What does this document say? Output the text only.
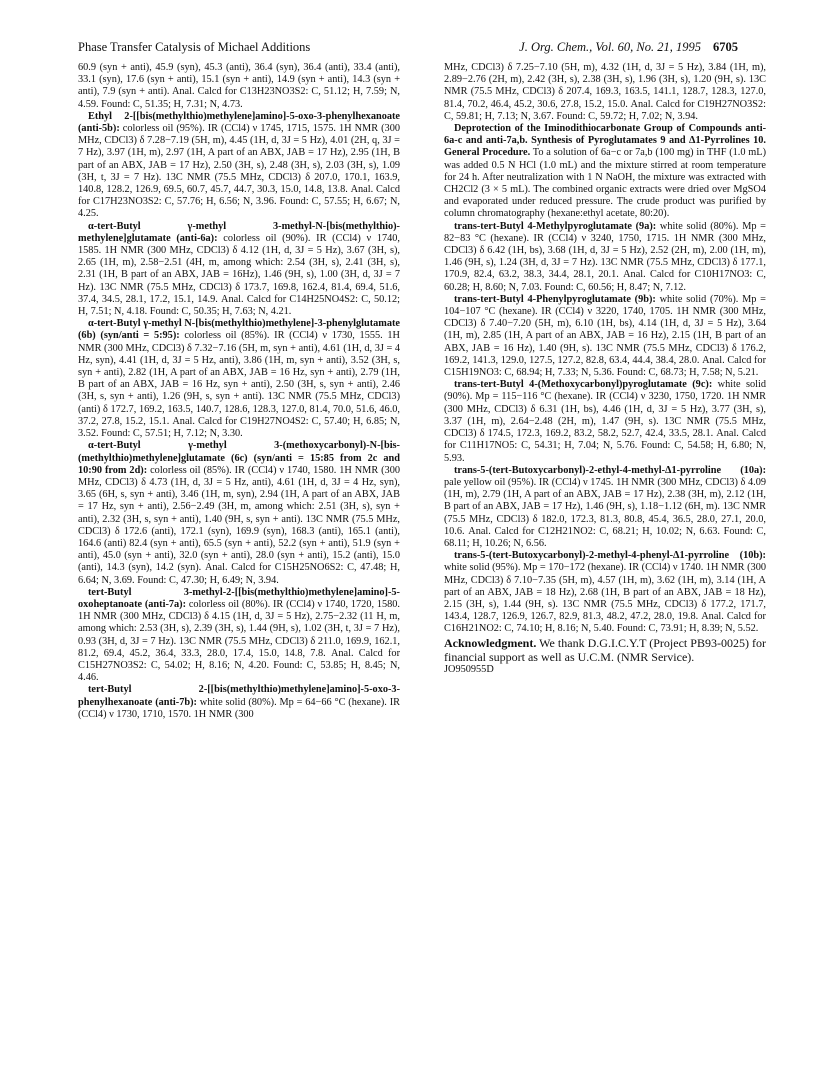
Phase Transfer Catalysis of Michael Additions	J. Org. Chem., Vol. 60, No. 21, 1995 6705

60.9 (syn + anti), 45.9 (syn), 45.3 (anti), 36.4 (syn), 36.4 (anti), 33.4 (anti), 33.1 (syn), 17.6 (syn + anti), 15.1 (syn + anti), 14.9 (syn + anti), 14.3 (syn + anti), 7.9 (syn + anti). Anal. Calcd for C13H23NO3S2: C, 51.12; H, 7.59; N, 4.59. Found: C, 51.35; H, 7.31; N, 4.73.

Ethyl 2-[[bis(methylthio)methylene]amino]-5-oxo-3-phenylhexanoate (anti-5b): colorless oil (95%). IR (CCl4) ν 1745, 1715, 1575. 1H NMR (300 MHz, CDCl3) δ 7.28−7.19 (5H, m), 4.45 (1H, d, 3J = 5 Hz), 4.01 (2H, q, 3J = 7 Hz), 3.97 (1H, m), 2.97 (1H, A part of an ABX, JAB = 17 Hz), 2.95 (1H, B part of an ABX, JAB = 17 Hz), 2.50 (3H, s), 2.48 (3H, s), 2.03 (3H, s), 1.09 (3H, t, 3J = 7 Hz). 13C NMR (75.5 MHz, CDCl3) δ 207.0, 170.1, 163.9, 140.8, 128.2, 126.9, 69.5, 60.7, 45.7, 44.7, 30.3, 15.0, 14.8, 13.8. Anal. Calcd for C17H23NO3S2: C, 57.76; H, 6.56; N, 3.96. Found: C, 57.55; H, 6.67; N, 4.25.

α-tert-Butyl γ-methyl 3-methyl-N-[bis(methylthio)-methylene]glutamate (anti-6a): colorless oil (90%). IR (CCl4) ν 1740, 1585. 1H NMR (300 MHz, CDCl3) δ 4.12 (1H, d, 3J = 5 Hz), 3.67 (3H, s), 2.65 (1H, m), 2.58−2.51 (4H, m, among which: 2.54 (3H, s), 2.41 (3H, s), 2.31 (1H, B part of an ABX, JAB = 16Hz), 1.46 (9H, s), 1.00 (3H, d, 3J = 7 Hz). 13C NMR (75.5 MHz, CDCl3) δ 173.7, 169.8, 162.4, 81.4, 69.4, 51.6, 37.4, 34.5, 28.1, 17.2, 15.1, 14.9. Anal. Calcd for C14H25NO4S2: C, 50.12; H, 7.51; N, 4.18. Found: C, 50.35; H, 7.63; N, 4.21.

α-tert-Butyl γ-methyl N-[bis(methylthio)methylene]-3-phenylglutamate (6b) (syn/anti = 5:95): colorless oil (85%). IR (CCl4) ν 1730, 1555. 1H NMR (300 MHz, CDCl3) δ 7.32−7.16 (5H, m, syn + anti), 4.61 (1H, d, 3J = 4 Hz, syn), 4.41 (1H, d, 3J = 5 Hz, anti), 3.86 (1H, m, syn + anti), 3.52 (3H, s, syn + anti), 2.82 (1H, A part of an ABX, JAB = 16 Hz, syn + anti), 2.79 (1H, B part of an ABX, JAB = 16 Hz, syn + anti), 2.50 (3H, s, syn + anti), 2.46 (3H, s, syn + anti), 1.26 (9H, s, syn + anti). 13C NMR (75.5 MHz, CDCl3) (anti) δ 172.7, 169.2, 163.5, 140.7, 128.6, 128.3, 127.0, 81.4, 70.0, 51.6, 46.0, 37.2, 27.8, 15.2, 15.1. Anal. Calcd for C19H27NO4S2: C, 57.40; H, 6.85; N, 3.52. Found: C, 57.51; H, 7.12; N, 3.30.

α-tert-Butyl γ-methyl 3-(methoxycarbonyl)-N-[bis-(methylthio)methylene]glutamate (6c) (syn/anti = 15:85 from 2c and 10:90 from 2d): colorless oil (85%). IR (CCl4) ν 1740, 1580. 1H NMR (300 MHz, CDCl3) δ 4.73 (1H, d, 3J = 5 Hz, anti), 4.61 (1H, d, 3J = 4 Hz, syn), 3.65 (6H, s, syn + anti), 3.46 (1H, m, syn), 2.94 (1H, A part of an ABX, JAB = 17 Hz, syn + anti), 2.56−2.49 (3H, m, among which: 2.51 (3H, s), syn + anti), 2.32 (3H, s, syn + anti), 1.40 (9H, s, syn + anti). 13C NMR (75.5 MHz, CDCl3) δ 172.6 (anti), 172.1 (syn), 169.9 (syn), 168.3 (anti), 165.1 (anti), 164.6 (anti) 82.4 (syn + anti), 65.5 (syn + anti), 52.2 (syn + anti), 51.9 (syn + anti), 45.0 (syn + anti), 32.0 (syn + anti), 28.0 (syn + anti), 15.2 (anti), 15.0 (anti), 14.3 (syn), 14.2 (syn). Anal. Calcd for C15H25NO6S2: C, 47.48; H, 6.64; N, 3.69. Found: C, 47.30; H, 6.49; N, 3.94.

tert-Butyl 3-methyl-2-[[bis(methylthio)methylene]amino]-5-oxoheptanoate (anti-7a): colorless oil (80%). IR (CCl4) ν 1740, 1720, 1580. 1H NMR (300 MHz, CDCl3) δ 4.15 (1H, d, 3J = 5 Hz), 2.75−2.32 (11 H, m, among which: 2.53 (3H, s), 2.39 (3H, s), 1.44 (9H, s), 1.02 (3H, t, 3J = 7 Hz), 0.93 (3H, d, 3J = 7 Hz). 13C NMR (75.5 MHz, CDCl3) δ 211.0, 169.9, 162.1, 81.2, 69.4, 45.2, 36.4, 33.3, 28.0, 17.4, 15.0, 14.8, 7.8. Anal. Calcd for C15H27NO3S2: C, 54.02; H, 8.16; N, 4.20. Found: C, 53.85; H, 8.45; N, 4.46.

tert-Butyl 2-[[bis(methylthio)methylene]amino]-5-oxo-3-phenylhexanoate (anti-7b): white solid (80%). Mp = 64−66 °C (hexane). IR (CCl4) ν 1730, 1710, 1570. 1H NMR (300

MHz, CDCl3) δ 7.25−7.10 (5H, m), 4.32 (1H, d, 3J = 5 Hz), 3.84 (1H, m), 2.89−2.76 (2H, m), 2.42 (3H, s), 2.38 (3H, s), 1.96 (3H, s), 1.20 (9H, s). 13C NMR (75.5 MHz, CDCl3) δ 207.4, 169.3, 163.5, 141.1, 128.7, 128.3, 127.0, 81.4, 70.2, 46.4, 45.2, 30.6, 27.8, 15.2, 15.0. Anal. Calcd for C19H27NO3S2: C, 59.81; H, 7.13; N, 3.67. Found: C, 59.72; H, 7.02; N, 3.94.

Deprotection of the Iminodithiocarbonate Group of Compounds anti-6a-c and anti-7a,b. Synthesis of Pyroglutamates 9 and Δ1-Pyrrolines 10. General Procedure. To a solution of 6a−c or 7a,b (100 mg) in THF (1.0 mL) was added 0.5 N HCl (1.0 mL) and the mixture stirred at room temperature for 24 h. After neutralization with 1 N NaOH, the mixture was extracted with CH2Cl2 (3 × 5 mL). The combined organic extracts were dried over MgSO4 and evaporated under reduced pressure. The crude product was purified by column chromatography (hexane:ethyl acetate, 80:20).

trans-tert-Butyl 4-Methylpyroglutamate (9a): white solid (80%). Mp = 82−83 °C (hexane). IR (CCl4) ν 3240, 1750, 1715. 1H NMR (300 MHz, CDCl3) δ 6.42 (1H, bs), 3.68 (1H, d, 3J = 5 Hz), 2.52 (2H, m), 2.00 (1H, m), 1.46 (9H, s), 1.24 (3H, d, 3J = 7 Hz). 13C NMR (75.5 MHz, CDCl3) δ 177.1, 170.9, 82.4, 63.2, 38.3, 34.4, 28.1, 20.1. Anal. Calcd for C10H17NO3: C, 60.28; H, 8.60; N, 7.03. Found: C, 60.56; H, 8.47; N, 7.12.

trans-tert-Butyl 4-Phenylpyroglutamate (9b): white solid (70%). Mp = 104−107 °C (hexane). IR (CCl4) ν 3220, 1740, 1705. 1H NMR (300 MHz, CDCl3) δ 7.40−7.20 (5H, m), 6.10 (1H, bs), 4.14 (1H, d, 3J = 5 Hz), 3.64 (1H, m), 2.85 (1H, A part of an ABX, JAB = 16 Hz), 2.15 (1H, B part of an ABX, JAB = 16 Hz), 1.40 (9H, s). 13C NMR (75.5 MHz, CDCl3) δ 176.2, 169.2, 141.3, 129.0, 127.5, 127.2, 82.8, 63.4, 44.4, 38.4, 28.0. Anal. Calcd for C15H19NO3: C, 68.94; H, 7.33; N, 5.36. Found: C, 68.73; H, 7.58; N, 5.21.

trans-tert-Butyl 4-(Methoxycarbonyl)pyroglutamate (9c): white solid (90%). Mp = 115−116 °C (hexane). IR (CCl4) ν 3230, 1750, 1720. 1H NMR (300 MHz, CDCl3) δ 6.31 (1H, bs), 4.46 (1H, d, 3J = 5 Hz), 3.77 (3H, s), 3.37 (1H, m), 2.64−2.48 (2H, m), 1.47 (9H, s). 13C NMR (75.5 MHz, CDCl3) δ 174.5, 172.3, 169.2, 83.2, 58.2, 52.7, 42.4, 33.5, 28.1. Anal. Calcd for C11H17NO5: C, 54.31; H, 7.04; N, 5.76. Found: C, 54.58; H, 6.80; N, 5.93.

trans-5-(tert-Butoxycarbonyl)-2-ethyl-4-methyl-Δ1-pyrroline (10a): pale yellow oil (95%). IR (CCl4) ν 1745. 1H NMR (300 MHz, CDCl3) δ 4.09 (1H, m), 2.79 (1H, A part of an ABX, JAB = 17 Hz), 2.38 (3H, m), 2.12 (1H, B part of an ABX, JAB = 17 Hz), 1.46 (9H, s), 1.18−1.12 (6H, m). 13C NMR (75.5 MHz, CDCl3) δ 182.0, 172.3, 81.3, 80.8, 45.4, 36.5, 28.0, 27.1, 20.0, 10.6. Anal. Calcd for C12H21NO2: C, 68.21; H, 10.02; N, 6.63. Found: C, 68.11; H, 10.26; N, 6.56.

trans-5-(tert-Butoxycarbonyl)-2-methyl-4-phenyl-Δ1-pyrroline (10b): white solid (95%). Mp = 170−172 (hexane). IR (CCl4) ν 1740. 1H NMR (300 MHz, CDCl3) δ 7.10−7.35 (5H, m), 4.57 (1H, m), 3.62 (1H, m), 3.14 (1H, A part of an ABX, JAB = 18 Hz), 2.68 (1H, B part of an ABX, JAB = 18 Hz), 2.15 (3H, s), 1.44 (9H, s). 13C NMR (75.5 MHz, CDCl3) δ 177.2, 171.7, 143.4, 128.7, 126.9, 126.7, 82.9, 81.3, 48.2, 47.2, 28.0, 19.8. Anal. Calcd for C16H21NO2: C, 74.10; H, 8.16; N, 5.40. Found: C, 73.91; H, 8.39; N, 5.52.

Acknowledgment. We thank D.G.I.C.Y.T (Project PB93-0025) for financial support as well as U.C.M. (NMR Service).

JO950955D
